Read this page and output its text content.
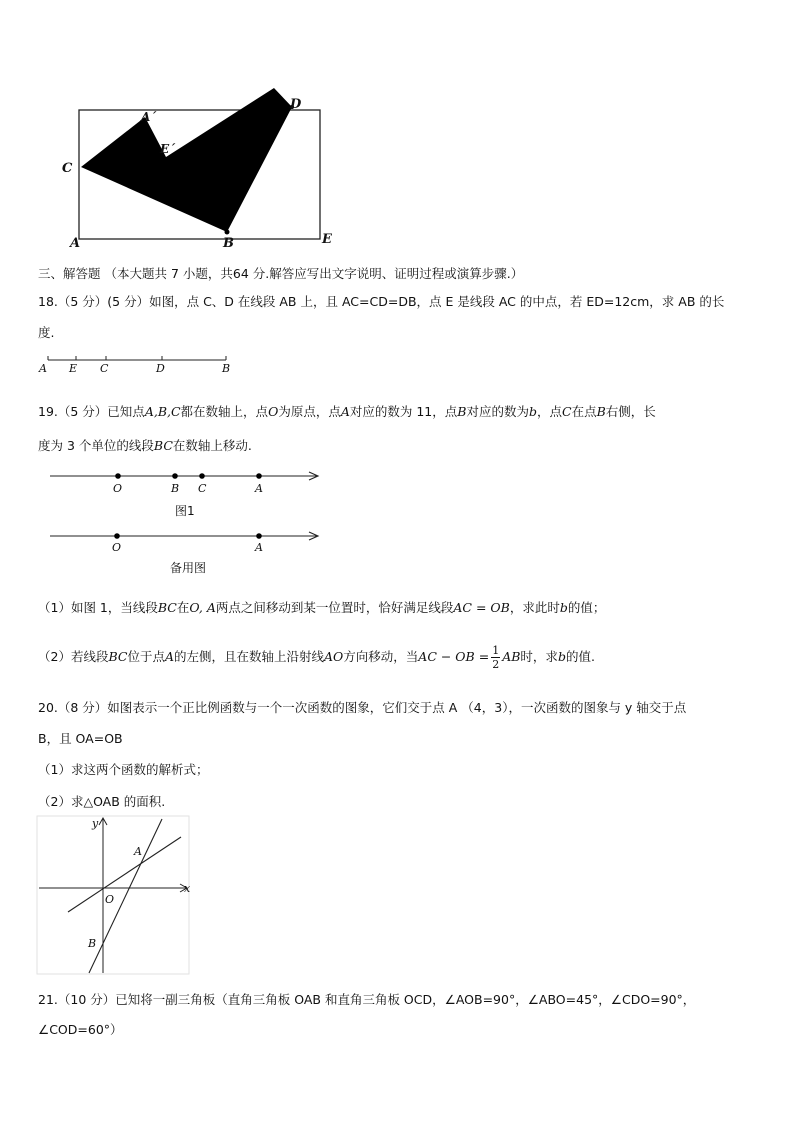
C
A´
E´
D
A	B	E
三、解答题 （本大题共 7 小题，共64 分.解答应写出文字说明、证明过程或演算步骤.）
18.（5 分）(5 分）如图，点 C、D 在线段 AB 上，且 AC=CD=DB，点 E 是线段 AC 的中点，若 ED=12cm，求 AB 的长
度.
A E C	D	B
19.（5 分）已知点A,B,C都在数轴上，点O为原点，点A对应的数为 11，点B对应的数为b，点C在点B右侧，长
度为 3 个单位的线段BC在数轴上移动.
O	B C	A
图1
O	A
备用图
（1）如图 1，当线段BC在O, A两点之间移动到某一位置时，恰好满足线段AC = OB，求此时b的值；
（2）若线段BC位于点A的左侧，且在数轴上沿射线AO方向移动，当AC − OB = $\frac{1}{2}$ AB时，求b的值.
20.（8 分）如图表示一个正比例函数与一个一次函数的图象，它们交于点 A （4，3），一次函数的图象与 y 轴交于点
B，且 OA=OB
（1）求这两个函数的解析式；
（2）求△OAB 的面积.
y
x
O
A
B
21.（10 分）已知将一副三角板（直角三角板 OAB 和直角三角板 OCD，∠AOB=90°，∠ABO=45°，∠CDO=90°，
∠COD=60°）
